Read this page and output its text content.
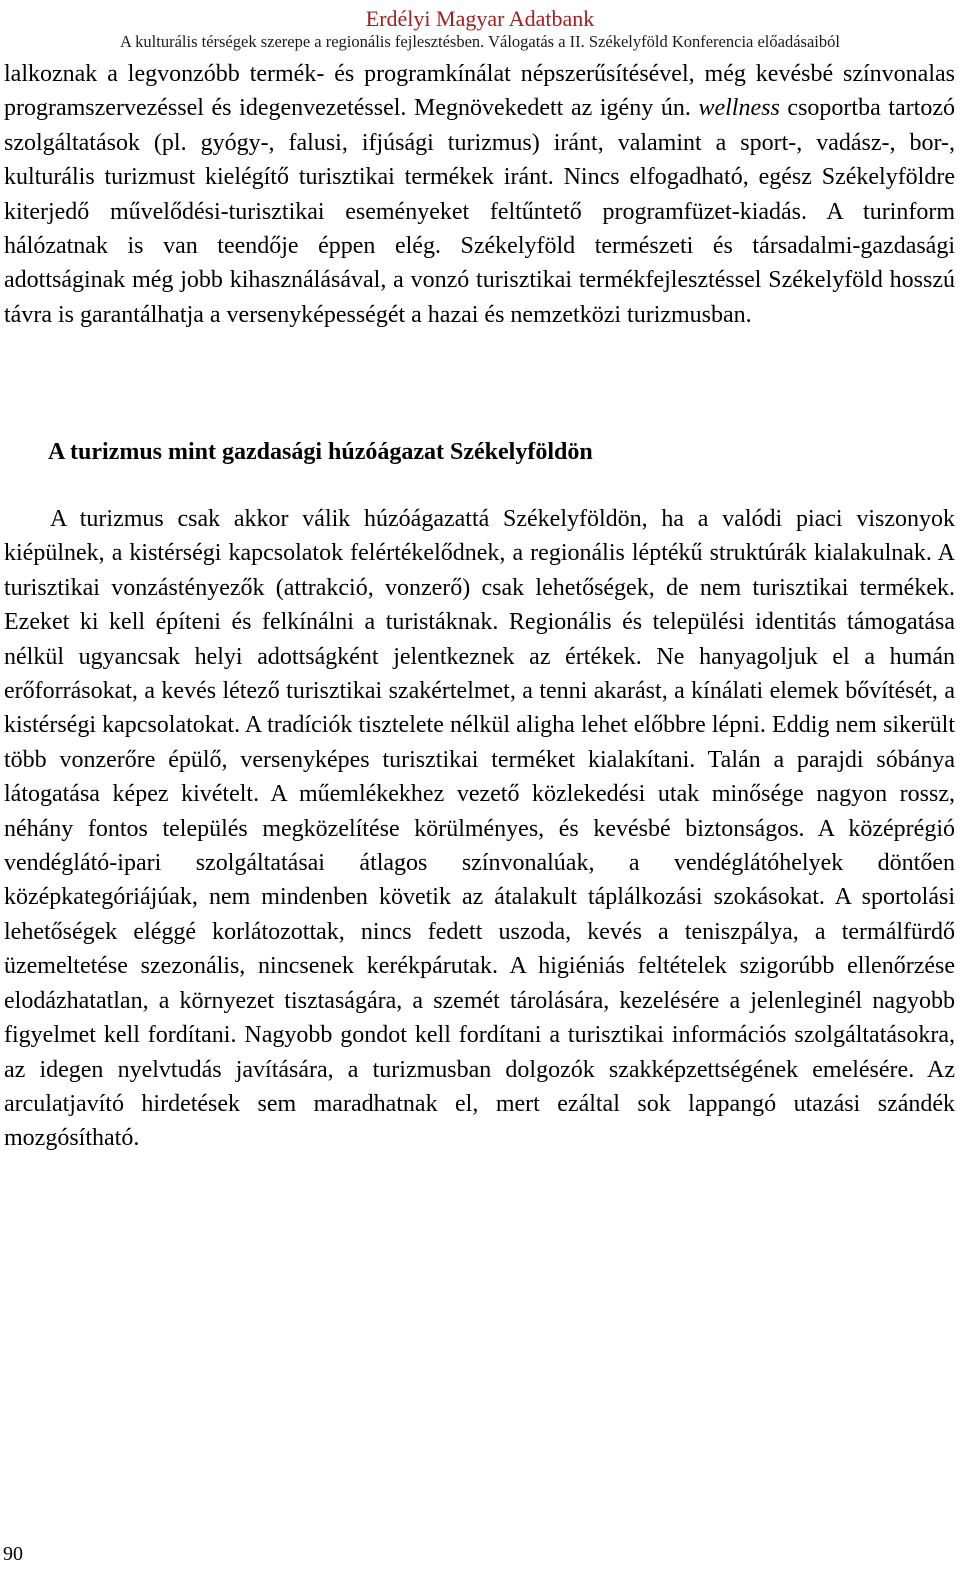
Erdélyi Magyar Adatbank
A kulturális térségek szerepe a regionális fejlesztésben. Válogatás a II. Székelyföld Konferencia előadásaiból

lalkoznak a legvonzóbb termék- és programkínálat népszerűsítésével, még kevésbé színvonalas programszervezéssel és idegenvezetéssel. Megnövekedett az igény ún. wellness csoportba tartozó szolgáltatások (pl. gyógy-, falusi, ifjúsági turizmus) iránt, valamint a sport-, vadász-, bor-, kulturális turizmust kielégítő turisztikai termékek iránt. Nincs elfogadható, egész Székelyföldre kiterjedő művelődési-turisztikai eseményeket feltűntető programfüzet-kiadás. A turinform hálózatnak is van teendője éppen elég. Székelyföld természeti és társadalmi-gazdasági adottságinak még jobb kihasználásával, a vonzó turisztikai termékfejlesztéssel Székelyföld hosszú távra is garantálhatja a versenyképességét a hazai és nemzetközi turizmusban.

A turizmus mint gazdasági húzóágazat Székelyföldön

A turizmus csak akkor válik húzóágazattá Székelyföldön, ha a valódi piaci viszonyok kiépülnek, a kistérségi kapcsolatok felértékelődnek, a regionális léptékű struktúrák kialakulnak. A turisztikai vonzástényezők (attrakció, vonzerő) csak lehetőségek, de nem turisztikai termékek. Ezeket ki kell építeni és felkínálni a turistáknak. Regionális és települési identitás támogatása nélkül ugyancsak helyi adottságként jelentkeznek az értékek. Ne hanyagoljuk el a humán erőforrásokat, a kevés létező turisztikai szakértelmet, a tenni akarást, a kínálati elemek bővítését, a kistérségi kapcsolatokat. A tradíciók tisztelete nélkül aligha lehet előbbre lépni. Eddig nem sikerült több vonzerőre épülő, versenyképes turisztikai terméket kialakítani. Talán a parajdi sóbánya látogatása képez kivételt. A műemlékekhez vezető közlekedési utak minősége nagyon rossz, néhány fontos település megközelítése körülményes, és kevésbé biztonságos. A középrégió vendéglátó-ipari szolgáltatásai átlagos színvonalúak, a vendéglátóhelyek döntően középkategóriájúak, nem mindenben követik az átalakult táplálkozási szokásokat. A sportolási lehetőségek eléggé korlátozottak, nincs fedett uszoda, kevés a teniszpálya, a termálfürdő üzemeltetése szezonális, nincsenek kerékpárutak. A higiéniás feltételek szigorúbb ellenőrzése elodázhatatlan, a környezet tisztaságára, a szemét tárolására, kezelésére a jelenleginél nagyobb figyelmet kell fordítani. Nagyobb gondot kell fordítani a turisztikai információs szolgáltatásokra, az idegen nyelvtudás javítására, a turizmusban dolgozók szakképzettségének emelésére. Az arculatjavító hirdetések sem maradhatnak el, mert ezáltal sok lappangó utazási szándék mozgósítható.

90
